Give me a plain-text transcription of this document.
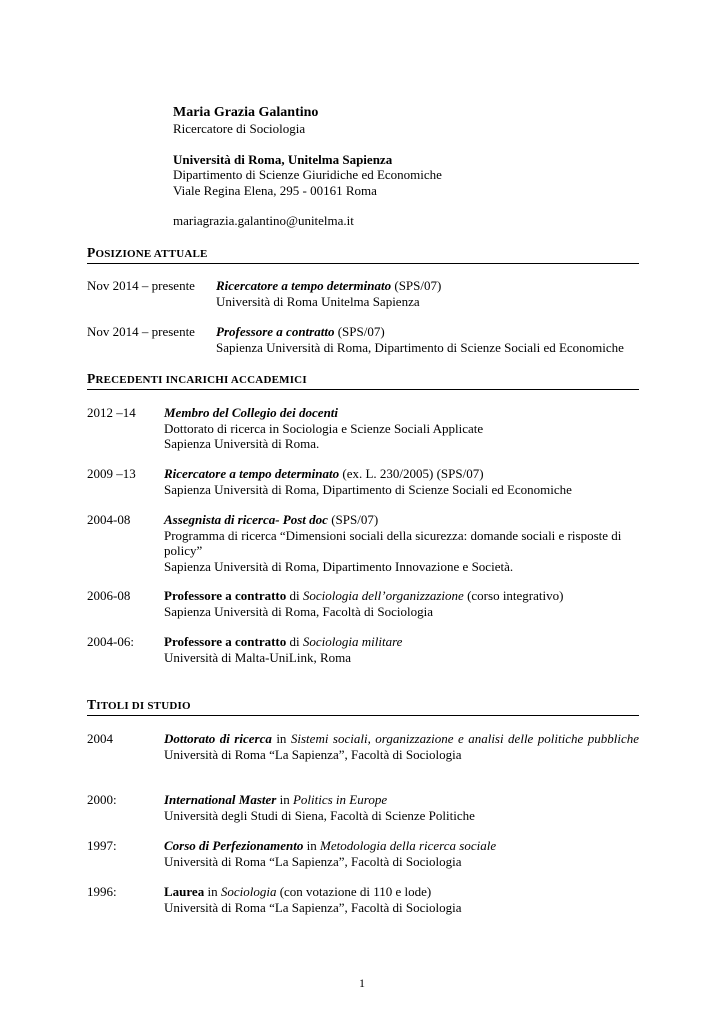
Maria Grazia Galantino
Ricercatore di Sociologia
Università di Roma, Unitelma Sapienza
Dipartimento di Scienze Giuridiche ed Economiche
Viale Regina Elena, 295 - 00161 Roma
mariagrazia.galantino@unitelma.it
POSIZIONE ATTUALE
Nov 2014 – presente Ricercatore a tempo determinato (SPS/07)
Università di Roma Unitelma Sapienza
Nov 2014 – presente Professore a contratto (SPS/07)
Sapienza Università di Roma, Dipartimento di Scienze Sociali ed Economiche
PRECEDENTI INCARICHI ACCADEMICI
2012 –14 Membro del Collegio dei docenti
Dottorato di ricerca in Sociologia e Scienze Sociali Applicate
Sapienza Università di Roma.
2009 –13 Ricercatore a tempo determinato (ex. L. 230/2005) (SPS/07)
Sapienza Università di Roma, Dipartimento di Scienze Sociali ed Economiche
2004-08	Assegnista di ricerca- Post doc (SPS/07)
Programma di ricerca “Dimensioni sociali della sicurezza: domande sociali e risposte di
policy”
Sapienza Università di Roma, Dipartimento Innovazione e Società.
2006-08	Professore a contratto di Sociologia dell’organizzazione (corso integrativo)
Sapienza Università di Roma, Facoltà di Sociologia
2004-06: Professore a contratto di Sociologia militare
Università di Malta-UniLink, Roma
TITOLI DI STUDIO
2004	Dottorato di ricerca in Sistemi sociali, organizzazione e analisi delle politiche pubbliche
Università di Roma “La Sapienza”, Facoltà di Sociologia
2000:	International Master in Politics in Europe
Università degli Studi di Siena, Facoltà di Scienze Politiche
1997:	Corso di Perfezionamento in Metodologia della ricerca sociale
Università di Roma “La Sapienza”, Facoltà di Sociologia
1996:	Laurea in Sociologia (con votazione di 110 e lode)
Università di Roma “La Sapienza”, Facoltà di Sociologia
1
